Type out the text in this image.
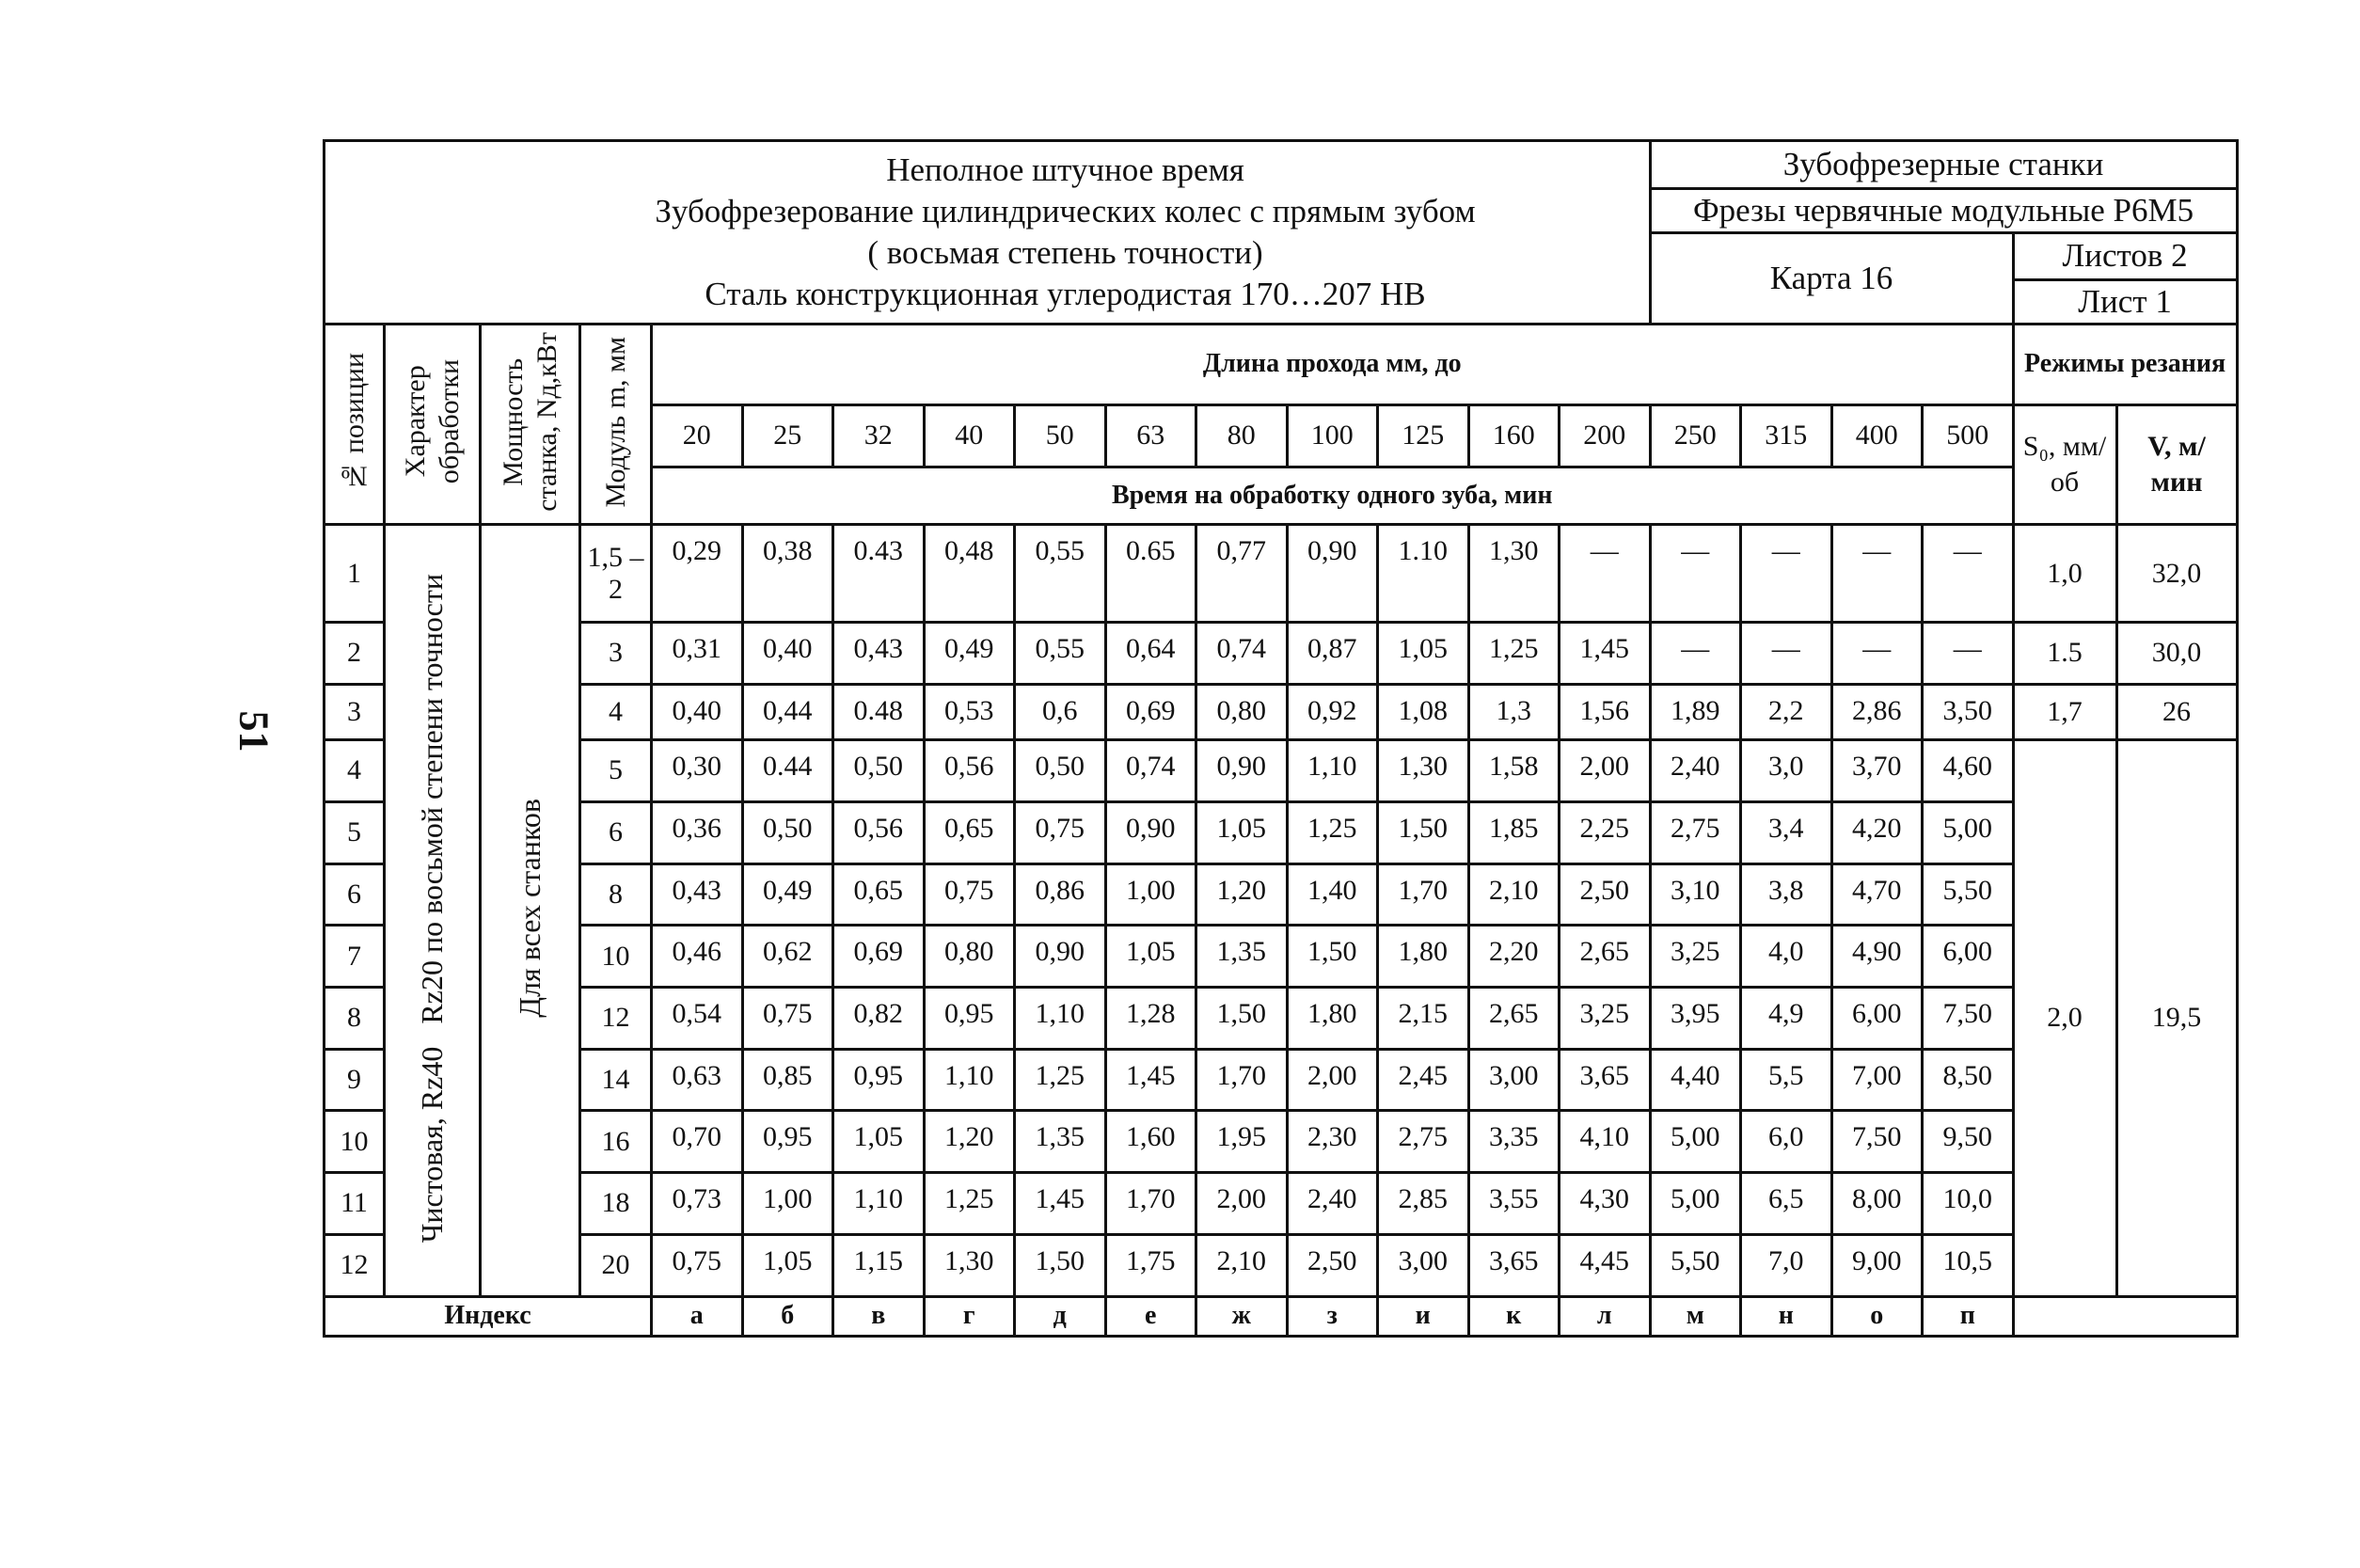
51

				Неполное штучное время
Зубофрезерование цилиндрических колес с прямым зубом
( восьмая степень точности)
Сталь конструкционная углеродистая 170…207 НВ											Зубофрезерные станки					
															Фрезы червячные модульные Р6М5					
															Карта 16				Листов 2	
																			Лист 1	
№ позиции	Характер обработки	Мощность станка, Nд,кВт	Модуль m, мм	Длина прохода мм, до															Режимы резания	
				20	25	32	40	50	63	80	100	125	160	200	250	315	400	500	S₀, мм/об	V, м/мин

				Время на обработку одного зуба, мин																
1	Чистовая, Rz40   Rz20 по восьмой степени точности	Для всех станков	1,5 – 2	0,29	0,38	0.43	0,48	0,55	0.65	0,77	0,90	1.10	1,30	—	—	—	—	—	1,0	32,0
2			3	0,31	0,40	0,43	0,49	0,55	0,64	0,74	0,87	1,05	1,25	1,45	—	—	—	—	1.5	30,0
3			4	0,40	0,44	0.48	0,53	0,6	0,69	0,80	0,92	1,08	1,3	1,56	1,89	2,2	2,86	3,50	1,7	26
4			5	0,30	0.44	0,50	0,56	0,50	0,74	0,90	1,10	1,30	1,58	2,00	2,40	3,0	3,70	4,60	2,0	19,5
5			6	0,36	0,50	0,56	0,65	0,75	0,90	1,05	1,25	1,50	1,85	2,25	2,75	3,4	4,20	5,00		
6			8	0,43	0,49	0,65	0,75	0,86	1,00	1,20	1,40	1,70	2,10	2,50	3,10	3,8	4,70	5,50		
7			10	0,46	0,62	0,69	0,80	0,90	1,05	1,35	1,50	1,80	2,20	2,65	3,25	4,0	4,90	6,00		
8			12	0,54	0,75	0,82	0,95	1,10	1,28	1,50	1,80	2,15	2,65	3,25	3,95	4,9	6,00	7,50		
9			14	0,63	0,85	0,95	1,10	1,25	1,45	1,70	2,00	2,45	3,00	3,65	4,40	5,5	7,00	8,50		
10			16	0,70	0,95	1,05	1,20	1,35	1,60	1,95	2,30	2,75	3,35	4,10	5,00	6,0	7,50	9,50		
11			18	0,73	1,00	1,10	1,25	1,45	1,70	2,00	2,40	2,85	3,55	4,30	5,00	6,5	8,00	10,0		
12			20	0,75	1,05	1,15	1,30	1,50	1,75	2,10	2,50	3,00	3,65	4,45	5,50	7,0	9,00	10,5		
Индекс				а	б	в	г	д	е	ж	з	и	к	л	м	н	о	п		
